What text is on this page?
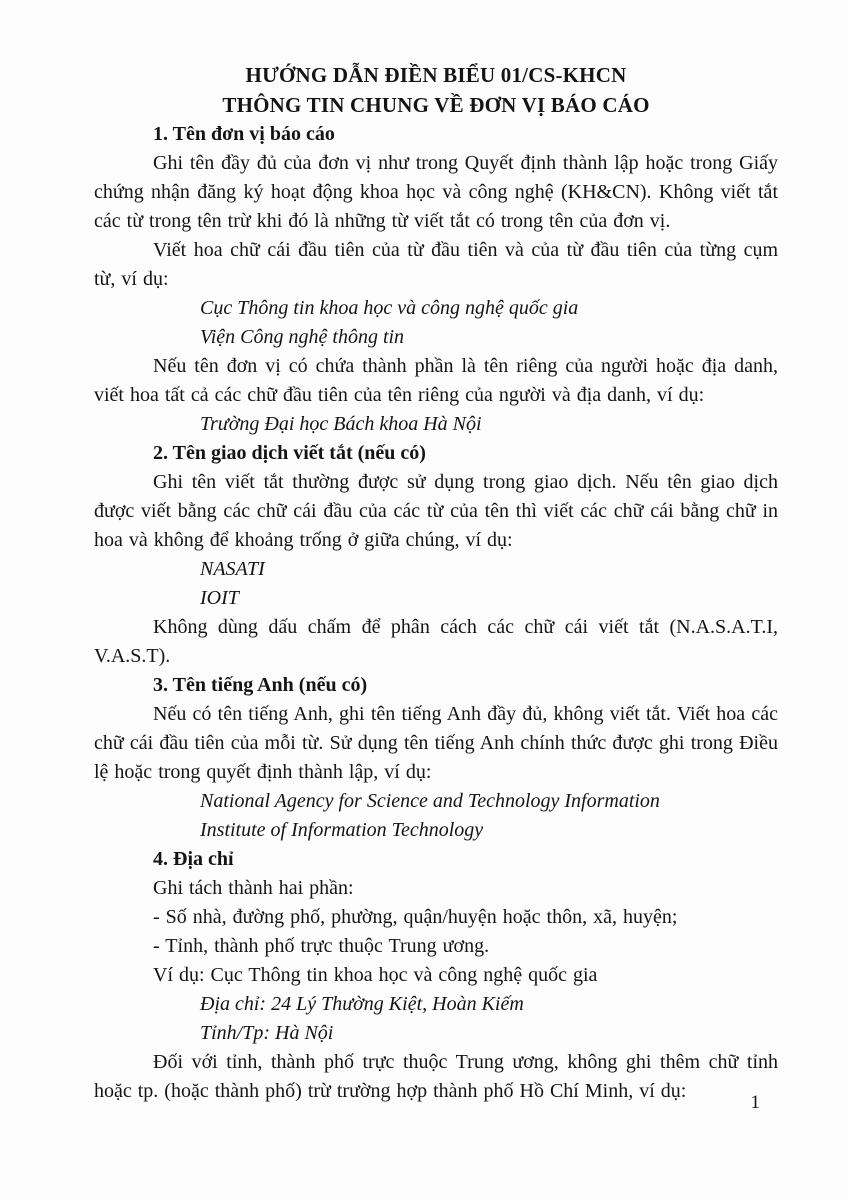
HƯỚNG DẪN ĐIỀN BIỂU 01/CS-KHCN
THÔNG TIN CHUNG VỀ ĐƠN VỊ BÁO CÁO

1. Tên đơn vị báo cáo

Ghi tên đầy đủ của đơn vị như trong Quyết định thành lập hoặc trong Giấy chứng nhận đăng ký hoạt động khoa học và công nghệ (KH&CN). Không viết tắt các từ trong tên trừ khi đó là những từ viết tắt có trong tên của đơn vị.

Viết hoa chữ cái đầu tiên của từ đầu tiên và của từ đầu tiên của từng cụm từ, ví dụ:

Cục Thông tin khoa học và công nghệ quốc gia

Viện Công nghệ thông tin

Nếu tên đơn vị có chứa thành phần là tên riêng của người hoặc địa danh, viết hoa tất cả các chữ đầu tiên của tên riêng của người và địa danh, ví dụ:

Trường Đại học Bách khoa Hà Nội

2. Tên giao dịch viết tắt (nếu có)

Ghi tên viết tắt thường được sử dụng trong giao dịch. Nếu tên giao dịch được viết bằng các chữ cái đầu của các từ của tên thì viết các chữ cái bằng chữ in hoa và không để khoảng trống ở giữa chúng, ví dụ:

NASATI

IOIT

Không dùng dấu chấm để phân cách các chữ cái viết tắt (N.A.S.A.T.I, V.A.S.T).

3. Tên tiếng Anh (nếu có)

Nếu có tên tiếng Anh, ghi tên tiếng Anh đầy đủ, không viết tắt. Viết hoa các chữ cái đầu tiên của mỗi từ. Sử dụng tên tiếng Anh chính thức được ghi trong Điều lệ hoặc trong quyết định thành lập, ví dụ:

National Agency for Science and Technology Information

Institute of Information Technology

4. Địa chỉ

Ghi tách thành hai phần:

- Số nhà, đường phố, phường, quận/huyện hoặc thôn, xã, huyện;

- Tỉnh, thành phố trực thuộc Trung ương.

Ví dụ: Cục Thông tin khoa học và công nghệ quốc gia

Địa chỉ: 24 Lý Thường Kiệt, Hoàn Kiếm

Tỉnh/Tp: Hà Nội

Đối với tỉnh, thành phố trực thuộc Trung ương, không ghi thêm chữ tỉnh hoặc tp. (hoặc thành phố) trừ trường hợp thành phố Hồ Chí Minh, ví dụ:

1
